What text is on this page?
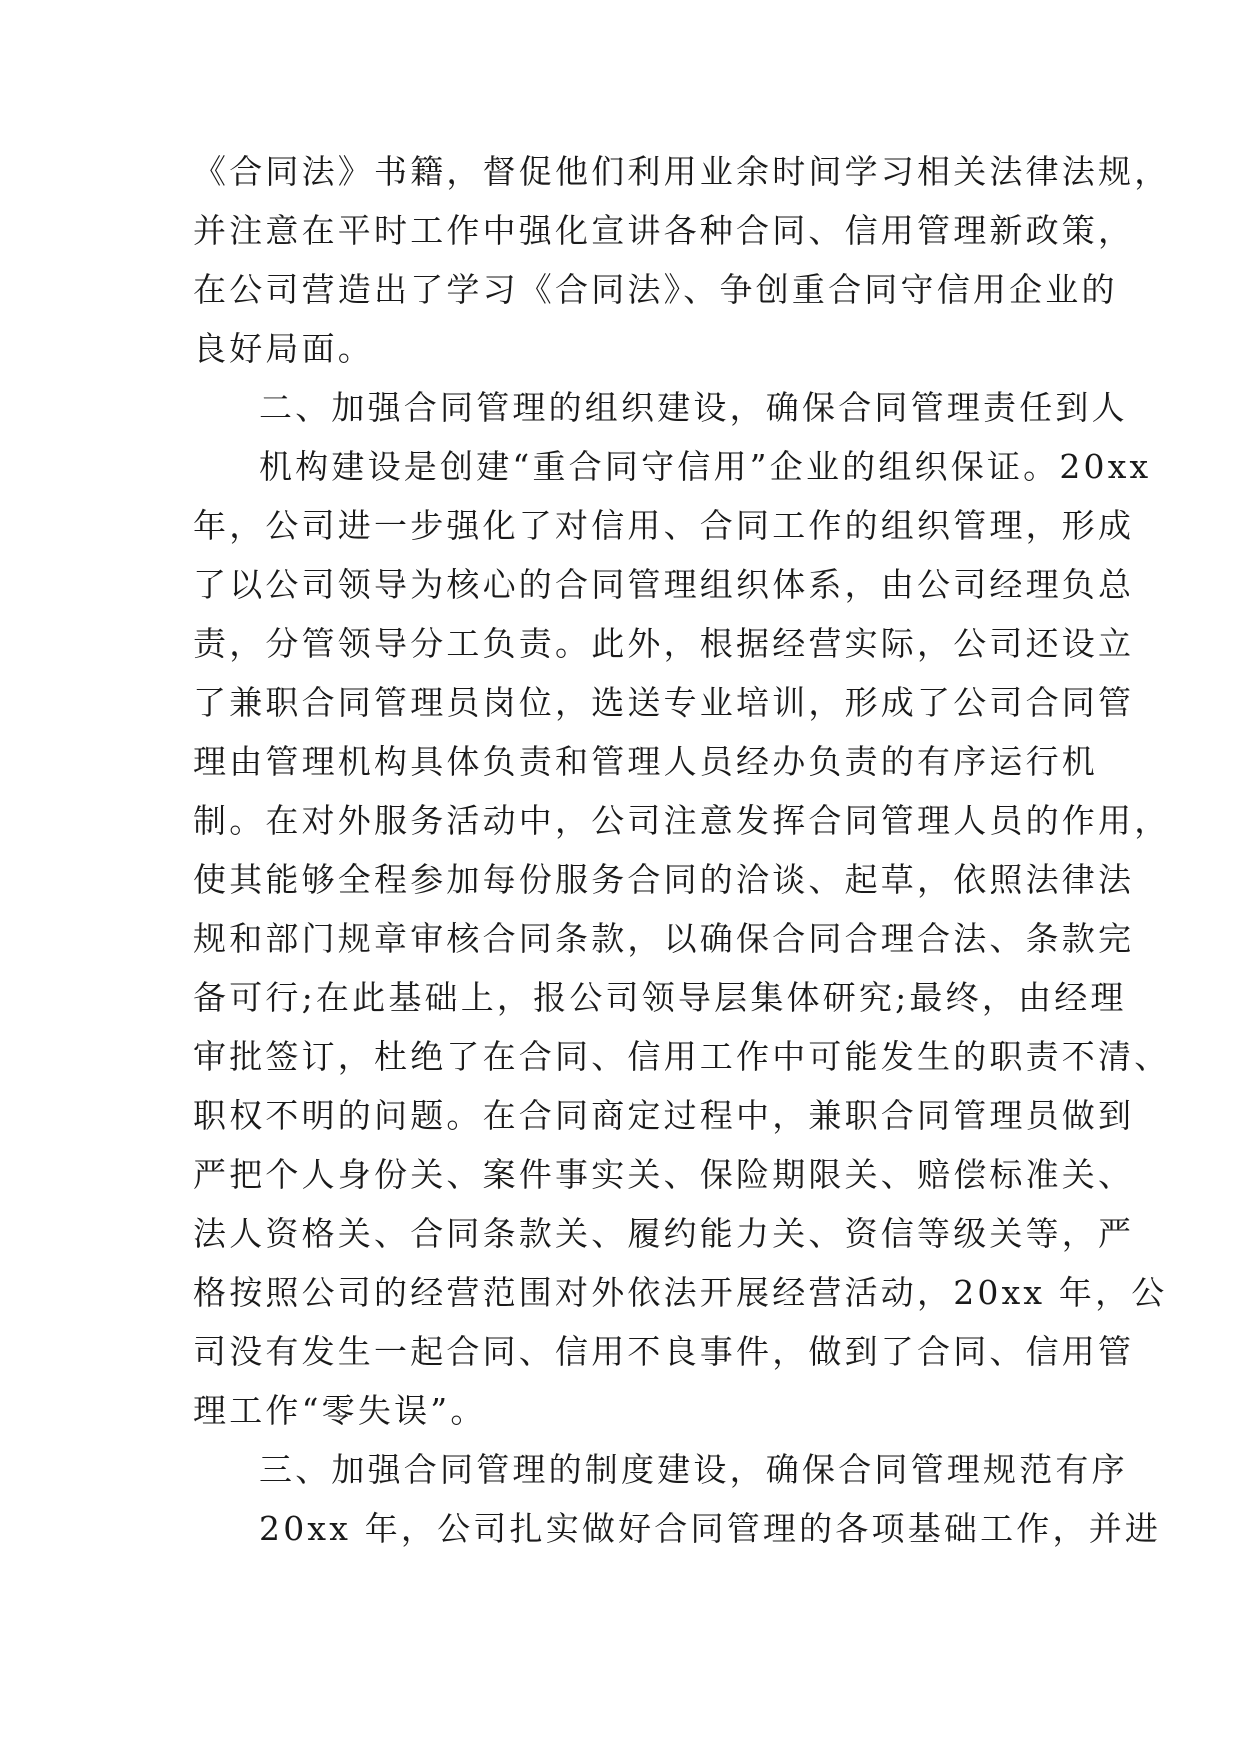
《合同法》书籍，督促他们利用业余时间学习相关法律法规，
并注意在平时工作中强化宣讲各种合同、信用管理新政策，
在公司营造出了学习《合同法》、争创重合同守信用企业的
良好局面。
二、加强合同管理的组织建设，确保合同管理责任到人
机构建设是创建“重合同守信用”企业的组织保证。20xx
年，公司进一步强化了对信用、合同工作的组织管理，形成
了以公司领导为核心的合同管理组织体系，由公司经理负总
责，分管领导分工负责。此外，根据经营实际，公司还设立
了兼职合同管理员岗位，选送专业培训，形成了公司合同管
理由管理机构具体负责和管理人员经办负责的有序运行机
制。在对外服务活动中，公司注意发挥合同管理人员的作用，
使其能够全程参加每份服务合同的洽谈、起草，依照法律法
规和部门规章审核合同条款，以确保合同合理合法、条款完
备可行;在此基础上，报公司领导层集体研究;最终，由经理
审批签订，杜绝了在合同、信用工作中可能发生的职责不清、
职权不明的问题。在合同商定过程中，兼职合同管理员做到
严把个人身份关、案件事实关、保险期限关、赔偿标准关、
法人资格关、合同条款关、履约能力关、资信等级关等，严
格按照公司的经营范围对外依法开展经营活动，20xx 年，公
司没有发生一起合同、信用不良事件，做到了合同、信用管
理工作“零失误”。
三、加强合同管理的制度建设，确保合同管理规范有序
20xx 年，公司扎实做好合同管理的各项基础工作，并进
